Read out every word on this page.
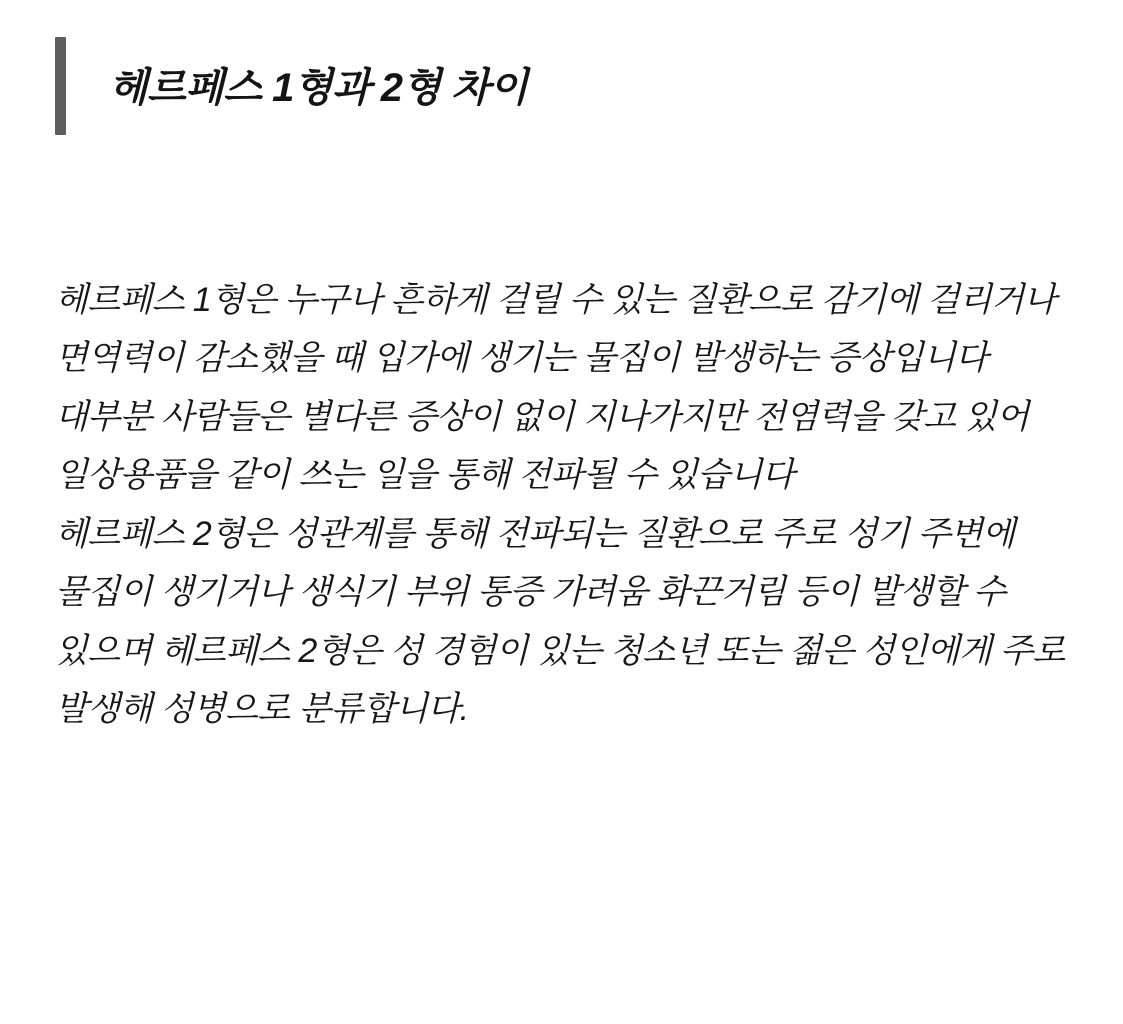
헤르페스 1형과 2형 차이

헤르페스 1형은 누구나 흔하게 걸릴 수 있는 질환으로 감기에 걸리거나 면역력이 감소했을 때 입가에 생기는 물집이 발생하는 증상입니다 대부분 사람들은 별다른 증상이 없이 지나가지만 전염력을 갖고 있어 일상용품을 같이 쓰는 일을 통해 전파될 수 있습니다

헤르페스 2형은 성관계를 통해 전파되는 질환으로 주로 성기 주변에 물집이 생기거나 생식기 부위 통증 가려움 화끈거림 등이 발생할 수 있으며 헤르페스 2형은 성 경험이 있는 청소년 또는 젊은 성인에게 주로 발생해 성병으로 분류합니다.
